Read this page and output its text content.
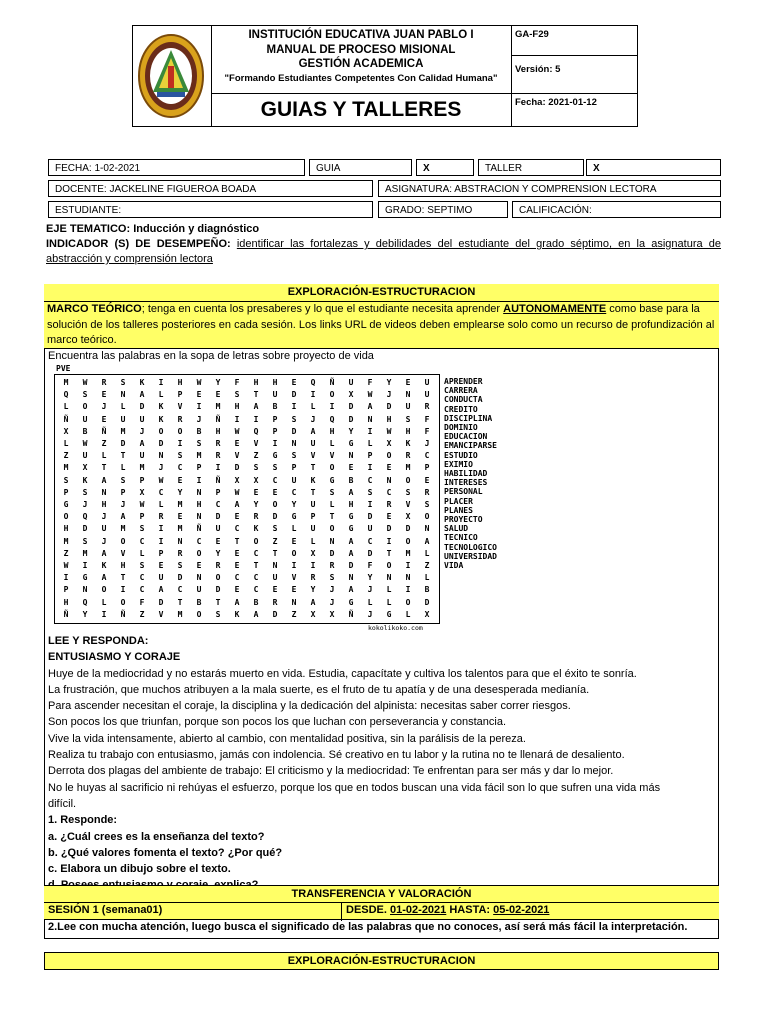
INSTITUCIÓN EDUCATIVA JUAN PABLO I
MANUAL DE PROCESO MISIONAL
GESTIÓN ACADEMICA
"Formando Estudiantes Competentes Con Calidad Humana"
GUIAS Y TALLERES
GA-F29
Versión: 5
Fecha: 2021-01-12
FECHA: 1-02-2021	GUIA	X	TALLER	X
DOCENTE: JACKELINE FIGUEROA BOADA	ASIGNATURA: ABSTRACION Y COMPRENSION LECTORA
ESTUDIANTE:	GRADO: SEPTIMO	CALIFICACIÓN:
EJE TEMATICO: Inducción y diagnóstico
INDICADOR (S) DE DESEMPEÑO: identificar las fortalezas y debilidades del estudiante del grado séptimo, en la asignatura de abstracción y comprensión lectora
EXPLORACIÓN-ESTRUCTURACION
MARCO TEÓRICO; tenga en cuenta los presaberes y lo que el estudiante necesita aprender AUTONOMAMENTE como base para la solución de los talleres posteriores en cada sesión. Los links URL de videos deben emplearse solo como un recurso de profundización al marco teórico.
Encuentra las palabras en la sopa de letras sobre proyecto de vida
PVE
M	W	R	S	K	I	H	W	Y	F	H	H	E	Q	Ñ	U	F	Y	E	U
Q	S	E	N	A	L	P	E	E	S	T	U	D	I	O	X	W	J	N	U
L	O	J	L	D	K	V	I	M	H	A	B	I	L	I	D	A	D	U	R
Ñ	U	E	U	U	K	R	J	Ñ	I	I	P	S	J	Q	D	N	H	S	F
X	B	Ñ	M	J	O	O	B	H	W	Q	P	D	A	H	Y	I	W	H	F
L	W	Z	D	A	D	I	S	R	E	V	I	N	U	L	G	L	X	K	J
Z	U	L	T	U	N	S	M	R	V	Z	G	S	V	V	N	P	O	R	C
M	X	T	L	M	J	C	P	I	D	S	S	P	T	O	E	I	E	M	P
S	K	A	S	P	W	E	I	Ñ	X	X	C	U	K	G	B	C	N	O	E
P	S	N	P	X	C	Y	N	P	W	E	E	C	T	S	A	S	C	S	R
G	J	H	J	W	L	M	H	C	A	Y	O	Y	U	L	H	I	R	V	S
O	Q	J	A	P	R	E	N	D	E	R	D	G	P	T	G	D	E	X	O
H	D	U	M	S	I	M	Ñ	U	C	K	S	L	U	O	G	U	D	D	N
M	S	J	O	C	I	N	C	E	T	O	Z	E	L	N	A	C	I	O	A
Z	M	A	V	L	P	R	O	Y	E	C	T	O	X	D	A	D	T	M	L
W	I	K	H	S	E	S	E	R	E	T	N	I	I	R	D	F	O	I	Z
I	G	A	T	C	U	D	N	O	C	C	U	V	R	S	N	Y	N	N	L
P	N	O	I	C	A	C	U	D	E	C	E	E	Y	J	A	J	L	I	B
H	Q	L	O	F	D	T	B	T	A	B	R	N	A	J	G	L	L	O	D
Ñ	Y	I	Ñ	Z	V	M	O	S	K	A	D	Z	X	X	Ñ	J	G	L	X
kokolikoko.com
APRENDER
CARRERA
CONDUCTA
CREDITO
DISCIPLINA
DOMINIO
EDUCACION
EMANCIPARSE
ESTUDIO
EXIMIO
HABILIDAD
INTERESES
PERSONAL
PLACER
PLANES
PROYECTO
SALUD
TECNICO
TECNOLOGICO
UNIVERSIDAD
VIDA
LEE Y RESPONDA:
ENTUSIASMO Y CORAJE
Huye de la mediocridad y no estarás muerto en vida. Estudia, capacítate y cultiva los talentos para que el éxito te sonría.
La frustración, que muchos atribuyen a la mala suerte, es el fruto de tu apatía y de una desesperada medianía.
Para ascender necesitan el coraje, la disciplina y la dedicación del alpinista: necesitas saber correr riesgos.
Son pocos los que triunfan, porque son pocos los que luchan con perseverancia y constancia.
Vive la vida intensamente, abierto al cambio, con mentalidad positiva, sin la parálisis de la pereza.
Realiza tu trabajo con entusiasmo, jamás con indolencia. Sé creativo en tu labor y la rutina no te llenará de desaliento.
Derrota dos plagas del ambiente de trabajo: El criticismo y la mediocridad: Te enfrentan para ser más y dar lo mejor.
No le huyas al sacrificio ni rehúyas el esfuerzo, porque los que en todos buscan una vida fácil son lo que sufren una vida más
difícil.
1. Responde:
a. ¿Cuál crees es la enseñanza del texto?
b. ¿Qué valores fomenta el texto? ¿Por qué?
c. Elabora un dibujo sobre el texto.
TRANSFERENCIA Y VALORACIÓN
SESIÓN 1 (semana01)	DESDE. 01-02-2021 HASTA: 05-02-2021
2.Lee con mucha atención, luego busca el significado de las palabras que no conoces, así será más fácil la interpretación.
EXPLORACIÓN-ESTRUCTURACION
